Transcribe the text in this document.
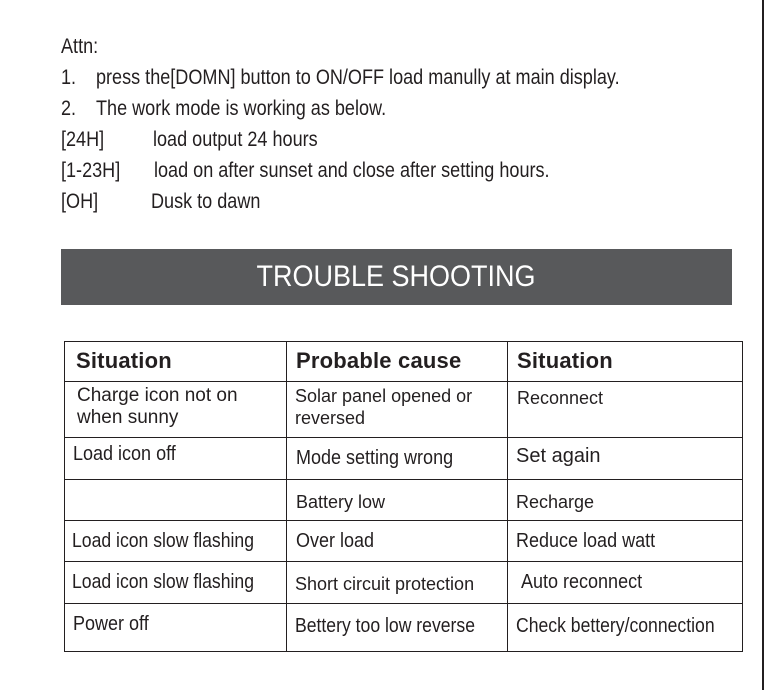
Attn:
1. press the[DOMN] button to ON/OFF load manully at main display.
2. The work mode is working as below.
[24H] load output 24 hours
[1-23H] load on after sunset and close after setting hours.
[OH]	Dusk to dawn
TROUBLE SHOOTING
Situation	Probable cause	Situation

Charge icon not on when sunny	Solar panel opened or reversed	Reconnect

Load icon off	Mode setting wrong	Set again

	Battery low	Recharge

Load icon slow flashing	Over load	Reduce load watt

Load icon slow flashing	Short circuit protection	Auto reconnect

Power off	Bettery too low reverse	Check bettery/connection
